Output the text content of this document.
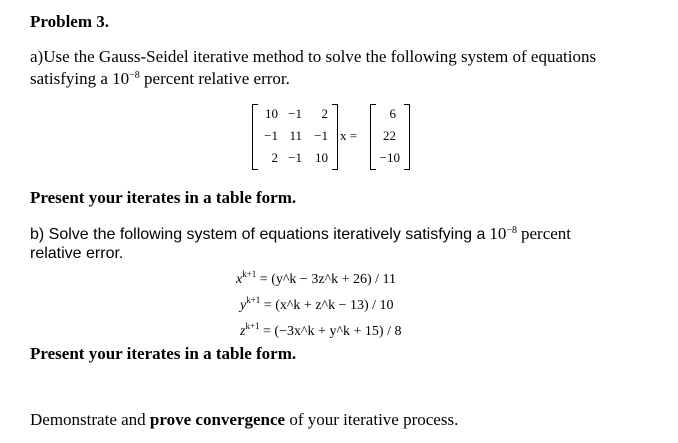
Problem 3.
a)Use the Gauss-Seidel iterative method to solve the following system of equations
satisfying a $10^{-8}$ percent relative error.
10 −1	2
−1 11 −1
2 −1	10
x =
6
22
−10
Present your iterates in a table form.
b) Solve the following system of equations iteratively satisfying a $10^{-8}$ percent
relative error.
$x^{k+1}$ = (y^k − 3z^k + 26) / 11
$y^{k+1}$ = (x^k + z^k − 13) / 10
$z^{k+1}$ = (−3x^k + y^k + 15) / 8
Present your iterates in a table form.
Demonstrate and prove convergence of your iterative process.
